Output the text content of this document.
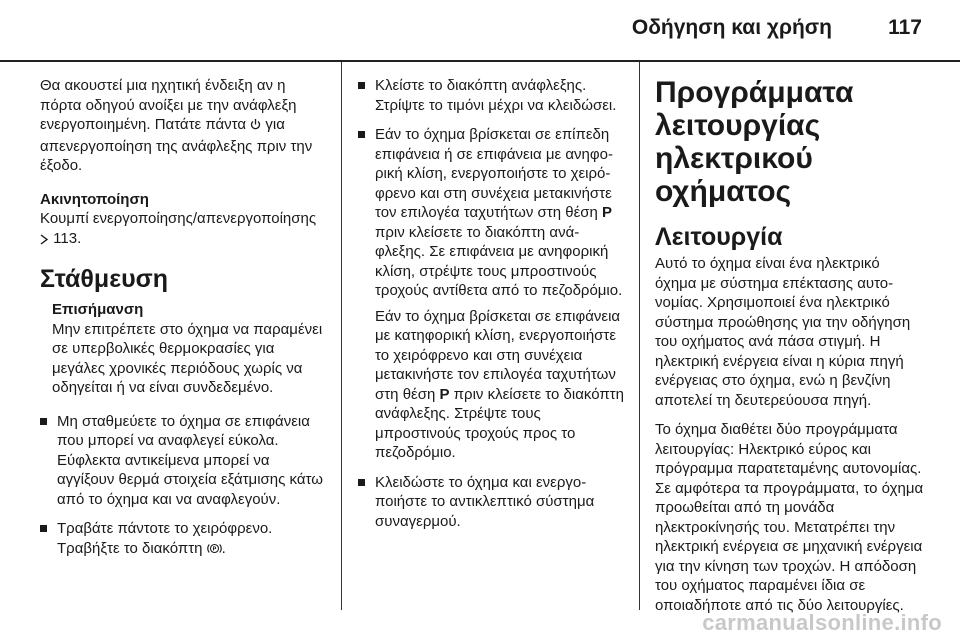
Οδήγηση και χρήση	117

Θα ακουστεί μια ηχητική ένδειξη αν η πόρτα οδηγού ανοίξει με την ανάφλεξη ενεργοποιημένη. Πατάτε πάντα  για απενεργοποίηση της ανάφλεξης πριν την έξοδο.

Ακινητοποίηση

Κουμπί ενεργοποίησης/απενεργοποίησης  113.

Στάθμευση

Επισήμανση

Μην επιτρέπετε στο όχημα να παραμένει σε υπερβολικές θερμοκρασίες για μεγάλες χρονικές περιόδους χωρίς να οδηγείται ή να είναι συνδεδεμένο.

Μη σταθμεύετε το όχημα σε επιφάνεια που μπορεί να αναφλεγεί εύκολα. Εύφλεκτα αντικείμενα μπορεί να αγγίξουν θερμά στοιχεία εξάτμισης κάτω από το όχημα και να αναφλεγούν.

Τραβάτε πάντοτε το χειρόφρενο. Τραβήξτε το διακόπτη P .

Κλείστε το διακόπτη ανάφλεξης. Στρίψτε το τιμόνι μέχρι να κλειδώσει.

Εάν το όχημα βρίσκεται σε επίπεδη επιφάνεια ή σε επιφάνεια με ανηφορική κλίση, ενεργοποιήστε το χειρόφρενο και στη συνέχεια μετακινήστε τον επιλογέα ταχυτήτων στη θέση P πριν κλείσετε το διακόπτη ανάφλεξης. Σε επιφάνεια με ανηφορική κλίση, στρέψτε τους μπροστινούς τροχούς αντίθετα από το πεζοδρόμιο.

Εάν το όχημα βρίσκεται σε επιφάνεια με κατηφορική κλίση, ενεργοποιήστε το χειρόφρενο και στη συνέχεια μετακινήστε τον επιλογέα ταχυτήτων στη θέση P πριν κλείσετε το διακόπτη ανάφλεξης. Στρέψτε τους μπροστινούς τροχούς προς το πεζοδρόμιο.

Κλειδώστε το όχημα και ενεργοποιήστε το αντικλεπτικό σύστημα συναγερμού.

Προγράμματα λειτουργίας ηλεκτρικού οχήματος
Λειτουργία

Αυτό το όχημα είναι ένα ηλεκτρικό όχημα με σύστημα επέκτασης αυτονομίας. Χρησιμοποιεί ένα ηλεκτρικό σύστημα προώθησης για την οδήγηση του οχήματος ανά πάσα στιγμή. Η ηλεκτρική ενέργεια είναι η κύρια πηγή ενέργειας στο όχημα, ενώ η βενζίνη αποτελεί τη δευτερεύουσα πηγή.

Το όχημα διαθέτει δύο προγράμματα λειτουργίας: Ηλεκτρικό εύρος και πρόγραμμα παρατεταμένης αυτονομίας. Σε αμφότερα τα προγράμματα, το όχημα προωθείται από τη μονάδα ηλεκτροκίνησής του. Μετατρέπει την ηλεκτρική ενέργεια σε μηχανική ενέργεια για την κίνηση των τροχών. Η απόδοση του οχήματος παραμένει ίδια σε οποιαδήποτε από τις δύο λειτουργίες.

carmanualsonline.info
